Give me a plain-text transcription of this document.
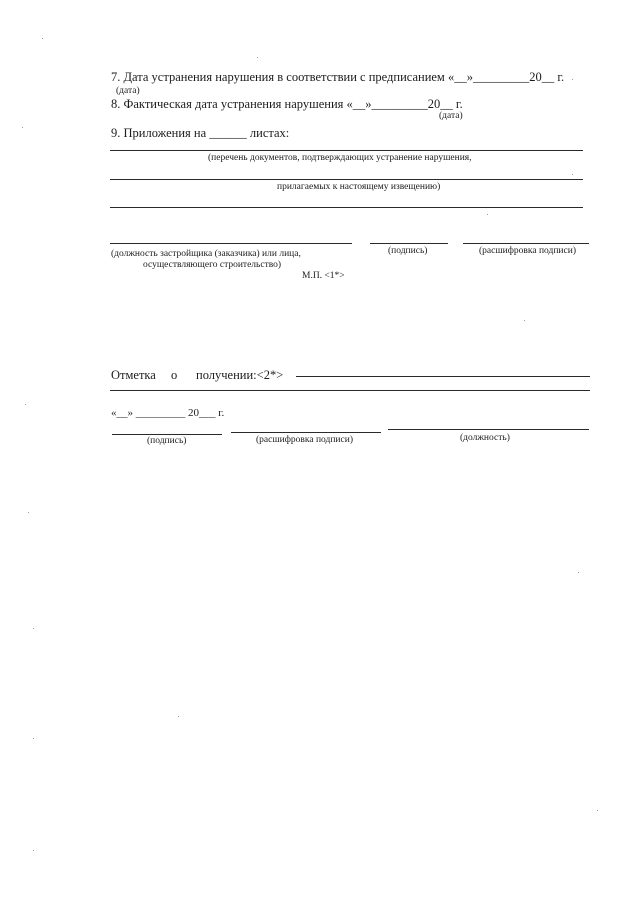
7. Дата устранения нарушения в соответствии с предписанием «__»_________20__ г.
(дата)
8. Фактическая дата устранения нарушения «__»_________20__ г.
(дата)
9. Приложения на ______ листах:
(перечень документов, подтверждающих устранение нарушения,
прилагаемых к настоящему извещению)
(должность застройщика (заказчика) или лица,
осуществляющего строительство)
(подпись)	(расшифровка подписи)
М.П. <1*>
Отметка о получении:<2*>
«__» _________ 20___ г.
(подпись)	(расшифровка подписи)	(должность)
